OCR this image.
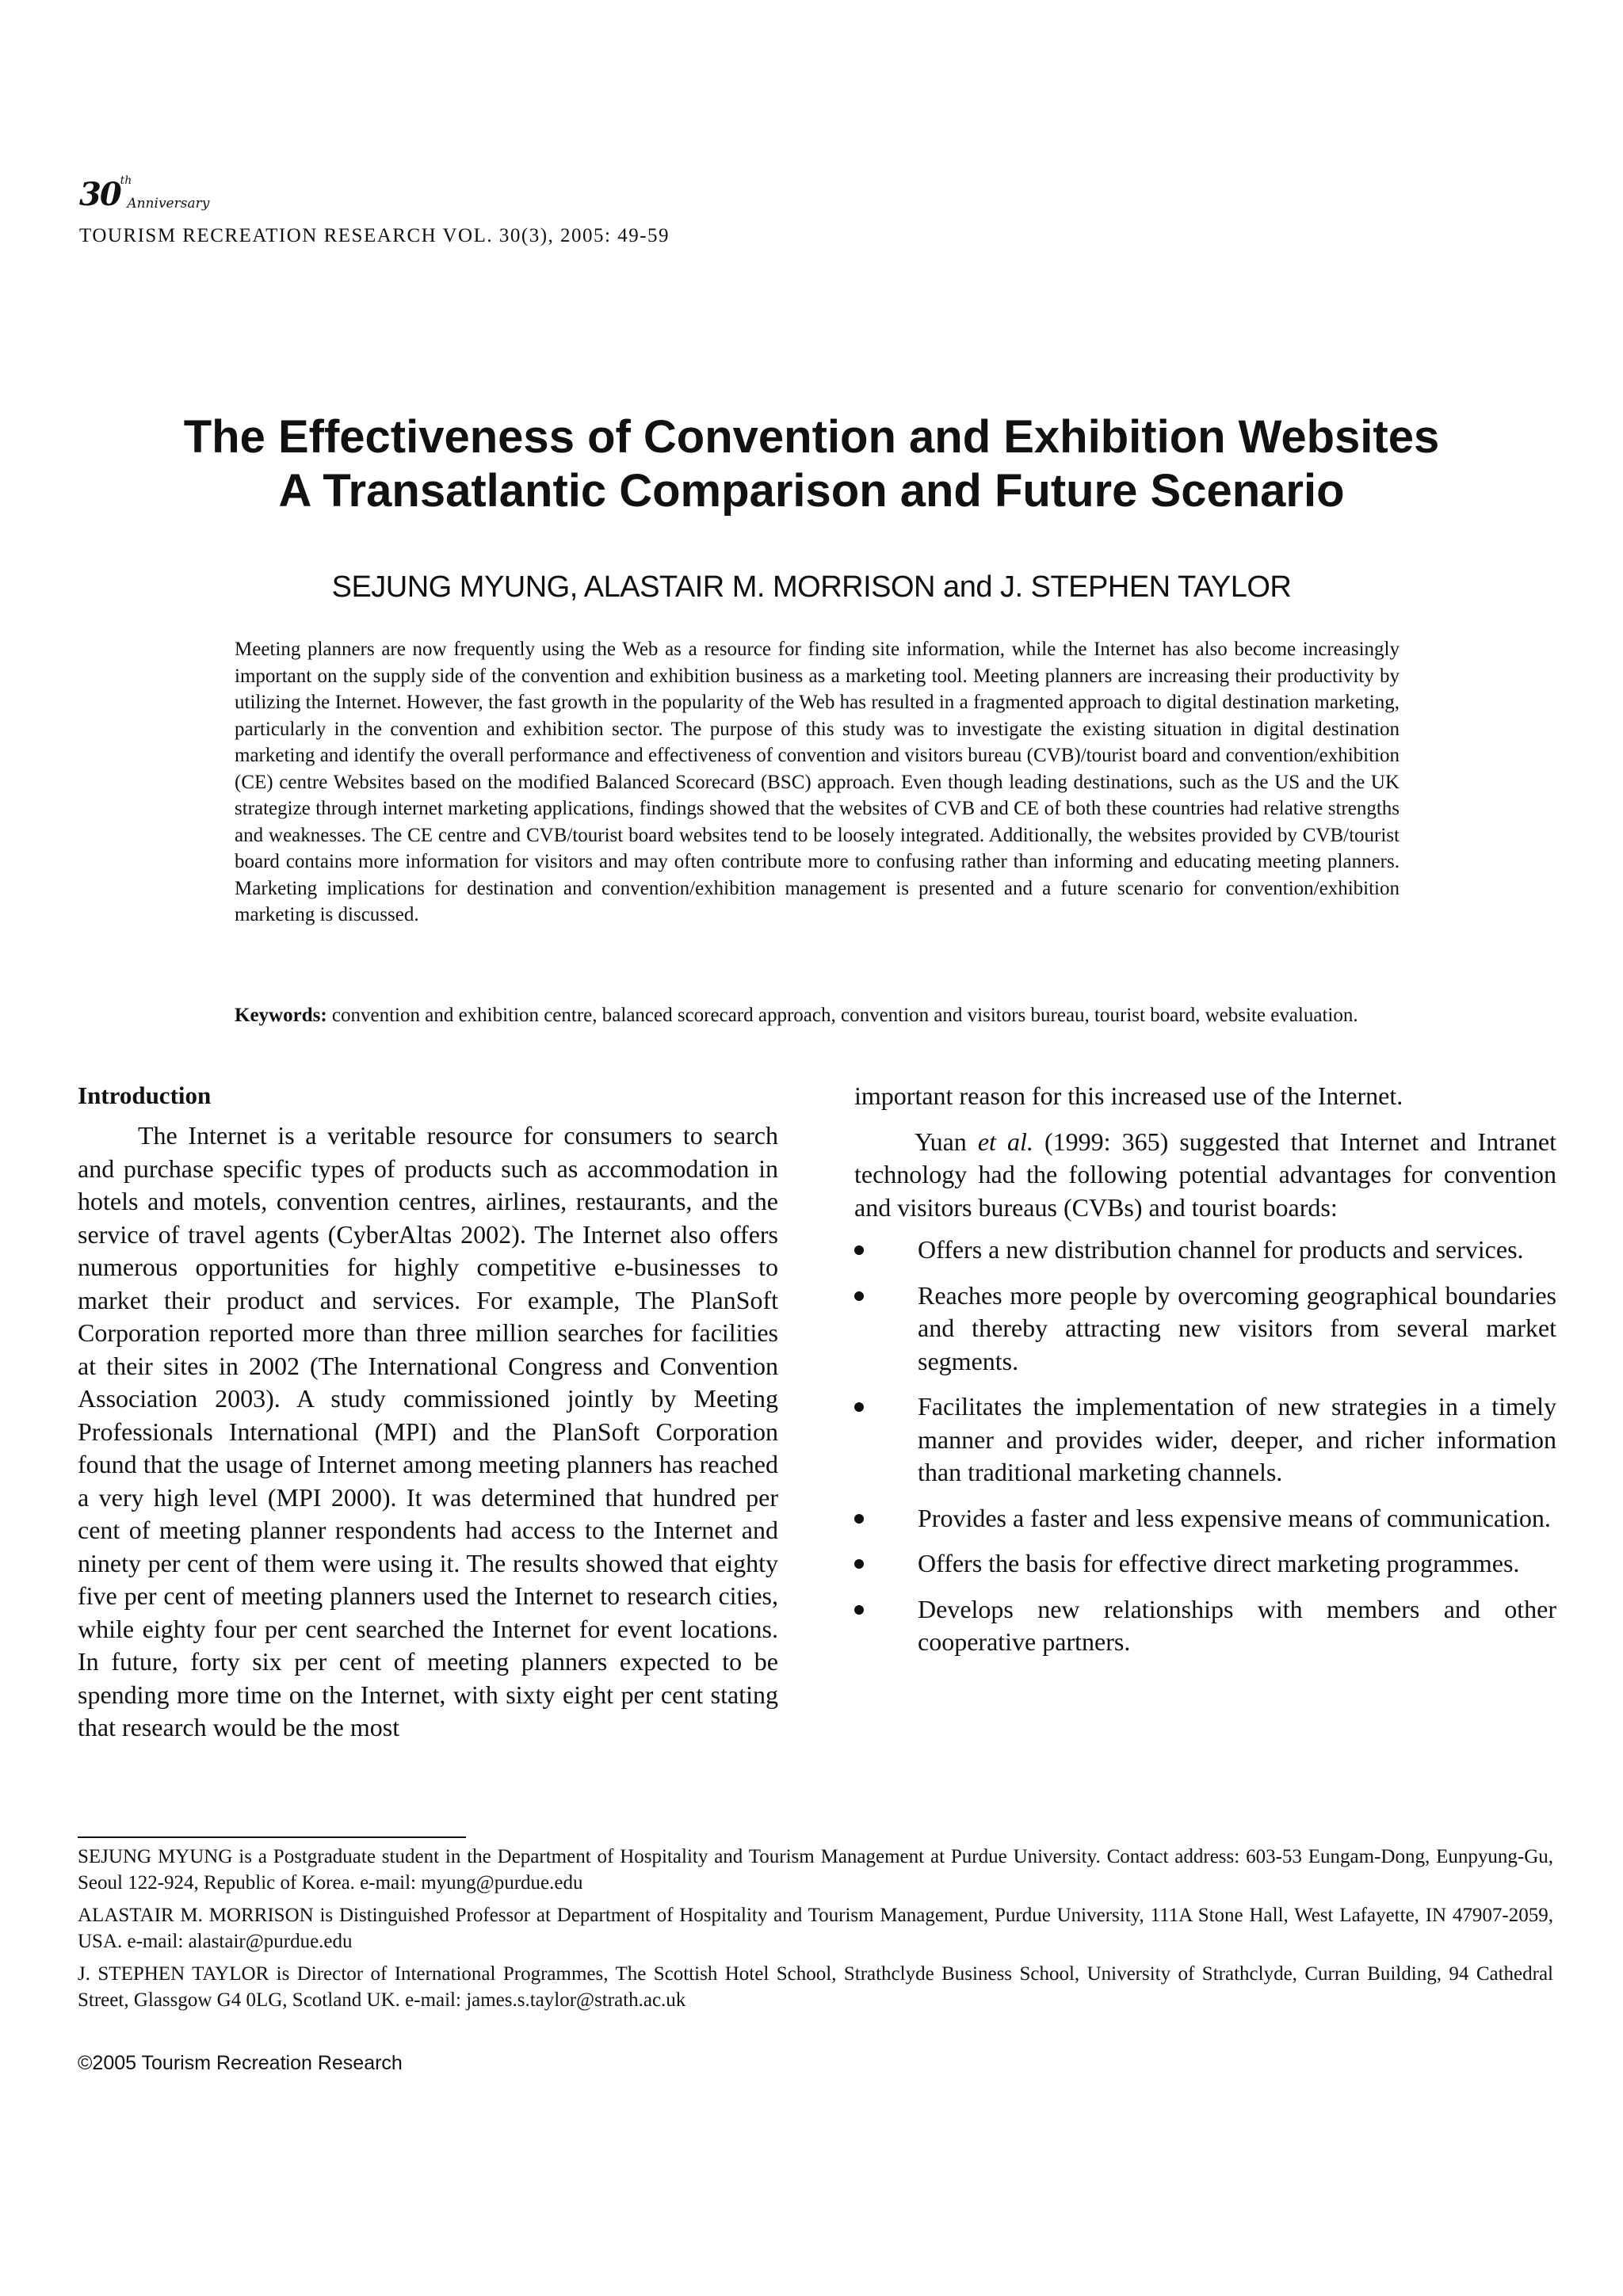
30thAnniversary
TOURISM RECREATION RESEARCH VOL. 30(3), 2005: 49-59
The Effectiveness of Convention and Exhibition Websites
A Transatlantic Comparison and Future Scenario
SEJUNG MYUNG, ALASTAIR M. MORRISON and J. STEPHEN TAYLOR

Meeting planners are now frequently using the Web as a resource for finding site information, while the Internet has also become increasingly important on the supply side of the convention and exhibition business as a marketing tool. Meeting planners are increasing their productivity by utilizing the Internet. However, the fast growth in the popularity of the Web has resulted in a fragmented approach to digital destination marketing, particularly in the convention and exhibition sector. The purpose of this study was to investigate the existing situation in digital destination marketing and identify the overall performance and effectiveness of convention and visitors bureau (CVB)/tourist board and convention/exhibition (CE) centre Websites based on the modified Balanced Scorecard (BSC) approach. Even though leading destinations, such as the US and the UK strategize through internet marketing applications, findings showed that the websites of CVB and CE of both these countries had relative strengths and weaknesses. The CE centre and CVB/tourist board websites tend to be loosely integrated. Additionally, the websites provided by CVB/tourist board contains more information for visitors and may often contribute more to confusing rather than informing and educating meeting planners. Marketing implications for destination and convention/exhibition management is presented and a future scenario for convention/exhibition marketing is discussed.

Keywords: convention and exhibition centre, balanced scorecard approach, convention and visitors bureau, tourist board, website evaluation.

Introduction

The Internet is a veritable resource for consumers to search and purchase specific types of products such as accommodation in hotels and motels, convention centres, airlines, restaurants, and the service of travel agents (CyberAltas 2002). The Internet also offers numerous opportunities for highly competitive e-businesses to market their product and services. For example, The PlanSoft Corporation reported more than three million searches for facilities at their sites in 2002 (The International Congress and Convention Association 2003). A study commissioned jointly by Meeting Professionals International (MPI) and the PlanSoft Corporation found that the usage of Internet among meeting planners has reached a very high level (MPI 2000). It was determined that hundred per cent of meeting planner respondents had access to the Internet and ninety per cent of them were using it. The results showed that eighty five per cent of meeting planners used the Internet to research cities, while eighty four per cent searched the Internet for event locations. In future, forty six per cent of meeting planners expected to be spending more time on the Internet, with sixty eight per cent stating that research would be the most

important reason for this increased use of the Internet.

Yuan et al. (1999: 365) suggested that Internet and Intranet technology had the following potential advantages for convention and visitors bureaus (CVBs) and tourist boards:

Offers a new distribution channel for products and services.
Reaches more people by overcoming geographical boundaries and thereby attracting new visitors from several market segments.
Facilitates the implementation of new strategies in a timely manner and provides wider, deeper, and richer information than traditional marketing channels.
Provides a faster and less expensive means of communication.
Offers the basis for effective direct marketing programmes.
Develops new relationships with members and other cooperative partners.

SEJUNG MYUNG is a Postgraduate student in the Department of Hospitality and Tourism Management at Purdue University. Contact address: 603-53 Eungam-Dong, Eunpyung-Gu, Seoul 122-924, Republic of Korea. e-mail: myung@purdue.edu

ALASTAIR M. MORRISON is Distinguished Professor at Department of Hospitality and Tourism Management, Purdue University, 111A Stone Hall, West Lafayette, IN 47907-2059, USA. e-mail: alastair@purdue.edu

J. STEPHEN TAYLOR is Director of International Programmes, The Scottish Hotel School, Strathclyde Business School, University of Strathclyde, Curran Building, 94 Cathedral Street, Glassgow G4 0LG, Scotland UK. e-mail: james.s.taylor@strath.ac.uk

©2005 Tourism Recreation Research
